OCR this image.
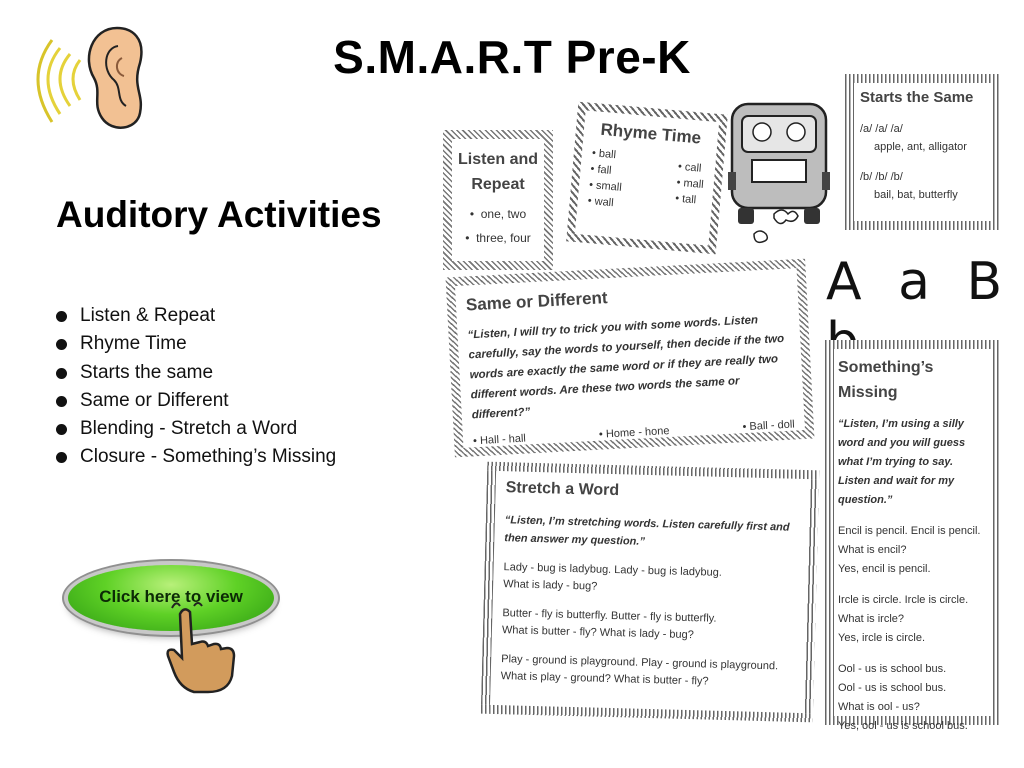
S.M.A.R.T Pre-K
Auditory Activities
Listen & Repeat
Rhyme Time
Starts the same
Same or Different
Blending - Stretch a Word
Closure - Something’s Missing
Click here to view
Listen and
Repeat
•  one, two
•  three, four
Rhyme Time
• ball
• fall
• small
• wall
• call
• mall
• tall
Starts the Same

/a/ /a/ /a/

apple, ant, alligator

/b/ /b/ /b/

bail, bat, butterfly

A a B
Same or Different
“Listen, I will try to trick you with some words. Listen carefully, say the words to yourself, then decide if the two words are exactly the same word or if they are really two different words. Are these two words the same or different?”
• Hall - hall	• Home - hone	• Ball - doll
Something’s
Missing
“Listen, I’m using a silly word and you will guess what I’m trying to say. Listen and wait for my question.”

Encil is pencil. Encil is pencil.

What is encil?

Yes, encil is pencil.

Ircle is circle. Ircle is circle.

What is ircle?

Yes, ircle is circle.

Ool - us is school bus.

Ool - us is school bus.

What is ool - us?

Yes, ool - us is school bus.

Stretch a Word
“Listen, I’m stretching words. Listen carefully first and then answer my question.”

Lady - bug is ladybug. Lady - bug is ladybug.

What is lady - bug?

Butter - fly is butterfly. Butter - fly is butterfly.

What is butter - fly? What is lady - bug?

Play - ground is playground. Play - ground is playground.

What is play - ground? What is butter - fly?
